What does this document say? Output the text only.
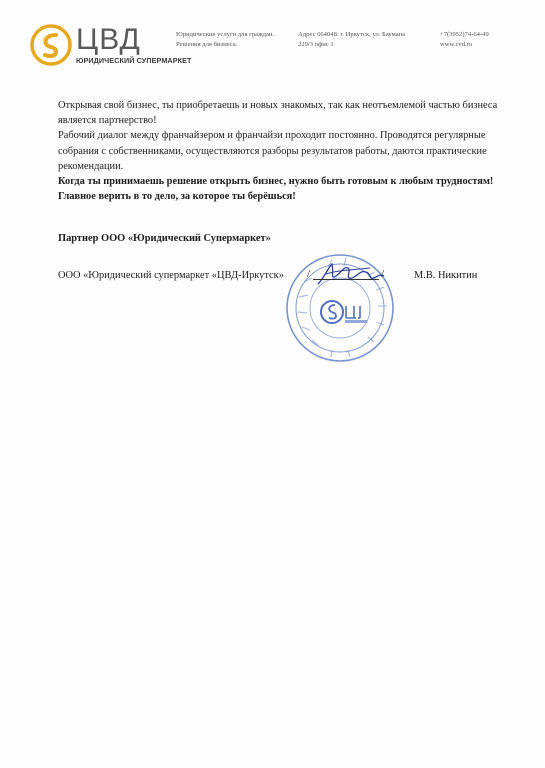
ЦВД
ЮРИДИЧЕСКИЙ СУПЕРМАРКЕТ
Юридические услуги для граждан.
Решения для бизнеса.
Адрес 664048: г. Иркутск, ул. Баумана
229/3 офис 1
+7(3952)74-64-49
www.cvd.ru

Открывая свой бизнес, ты приобретаешь и новых знакомых, так как неотъемлемой частью бизнеса является партнерство!

Рабочий диалог между франчайзером и франчайзи проходит постоянно. Проводятся регулярные собрания с собственниками, осуществляются разборы результатов работы, даются практические рекомендации.

Когда ты принимаешь решение открыть бизнес, нужно быть готовым к любым трудностям! Главное верить в то дело, за которое ты берёшься!

Партнер ООО «Юридический Супермаркет»
ООО «Юридический супермаркет «ЦВД-Иркутск» /	/	М.В. Никитин
